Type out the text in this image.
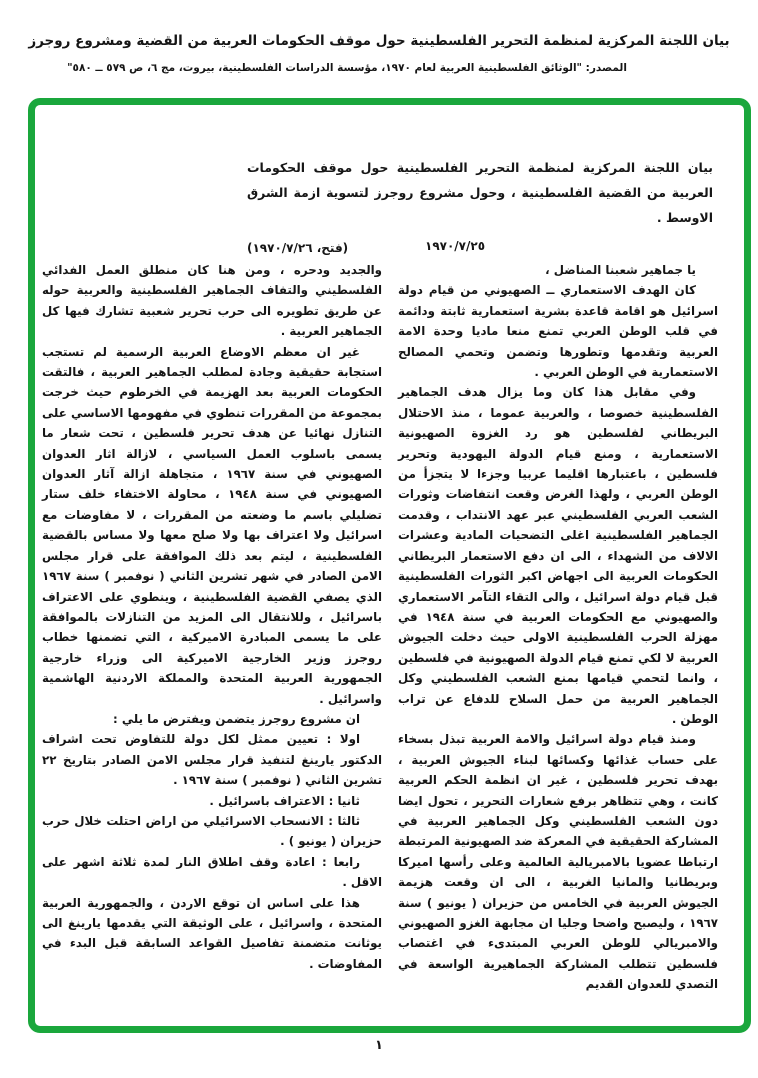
بيان اللجنة المركزية لمنظمة التحرير الفلسطينية حول موقف الحكومات العربية من القضية ومشروع روجرز
المصدر: "الوثائق الفلسطينية العربية لعام ١٩٧٠، مؤسسة الدراسات الفلسطينية، بيروت، مج ٦، ص ٥٧٩ ــ ٥٨٠"
بيان اللجنة المركزية لمنظمة التحرير الفلسطينية حول موقف الحكومات العربية من القضية الفلسطينية ، وحول مشروع روجرز لتسوية ازمة الشرق الاوسط .
١٩٧٠/٧/٢٥
(فتح، ١٩٧٠/٧/٢٦)

يا جماهير شعبنا المناضل ،

كان الهدف الاستعماري ــ الصهيوني من قيام دولة اسرائيل هو اقامة قاعدة بشرية استعمارية ثابتة ودائمة في قلب الوطن العربي تمنع منعا ماديا وحدة الامة العربية وتقدمها وتطورها وتضمن وتحمي المصالح الاستعمارية في الوطن العربي .

وفي مقابل هذا كان وما يزال هدف الجماهير الفلسطينية خصوصا ، والعربية عموما ، منذ الاحتلال البريطاني لفلسطين هو رد الغزوة الصهيونية الاستعمارية ، ومنع قيام الدولة اليهودية وتحرير فلسطين ، باعتبارها اقليما عربيا وجزءا لا يتجزأ من الوطن العربي ، ولهذا الغرض وقعت انتفاضات وثورات الشعب العربي الفلسطيني عبر عهد الانتداب ، وقدمت الجماهير الفلسطينية اغلى التضحيات المادية وعشرات الالاف من الشهداء ، الى ان دفع الاستعمار البريطاني الحكومات العربية الى اجهاض اكبر الثورات الفلسطينية قبل قيام دولة اسرائيل ، والى التقاء التآمر الاستعماري والصهيوني مع الحكومات العربية في سنة ١٩٤٨ في مهزلة الحرب الفلسطينية الاولى حيث دخلت الجيوش العربية لا لكي تمنع قيام الدولة الصهيونية في فلسطين ، وانما لتحمي قيامها بمنع الشعب الفلسطيني وكل الجماهير العربية من حمل السلاح للدفاع عن تراب الوطن .

ومنذ قيام دولة اسرائيل والامة العربية تبذل بسخاء على حساب غذائها وكسائها لبناء الجيوش العربية ، بهدف تحرير فلسطين ، غير ان انظمة الحكم العربية كانت ، وهي تتظاهر برفع شعارات التحرير ، تحول ايضا دون الشعب الفلسطيني وكل الجماهير العربية في المشاركة الحقيقية في المعركة ضد الصهيونية المرتبطة ارتباطا عضويا بالامبريالية العالمية وعلى رأسها اميركا وبريطانيا والمانيا الغربية ، الى ان وقعت هزيمة الجيوش العربية في الخامس من حزيران ( يونيو ) سنة ١٩٦٧ ، وليصبح واضحا وجليا ان مجابهة الغزو الصهيوني والامبريالي للوطن العربي المبتدىء في اغتصاب فلسطين تتطلب المشاركة الجماهيرية الواسعة في التصدي للعدوان القديم

والجديد ودحره ، ومن هنا كان منطلق العمل الفدائي الفلسطيني والتفاف الجماهير الفلسطينية والعربية حوله عن طريق تطويره الى حرب تحرير شعبية تشارك فيها كل الجماهير العربية .

غير ان معظم الاوضاع العربية الرسمية لم تستجب استجابة حقيقية وجادة لمطلب الجماهير العربية ، فالتقت الحكومات العربية بعد الهزيمة في الخرطوم حيث خرجت بمجموعة من المقررات تنطوي في مفهومها الاساسي على التنازل نهائيا عن هدف تحرير فلسطين ، تحت شعار ما يسمى باسلوب العمل السياسي ، لازالة اثار العدوان الصهيوني في سنة ١٩٦٧ ، متجاهلة ازالة آثار العدوان الصهيوني في سنة ١٩٤٨ ، محاولة الاختفاء خلف ستار تضليلي باسم ما وضعته من المقررات ، لا مفاوضات مع اسرائيل ولا اعتراف بها ولا صلح معها ولا مساس بالقضية الفلسطينية ، ليتم بعد ذلك الموافقة على قرار مجلس الامن الصادر في شهر تشرين الثاني ( نوفمبر ) سنة ١٩٦٧ الذي يصفي القضية الفلسطينية ، وينطوي على الاعتراف باسرائيل ، وللانتقال الى المزيد من التنازلات بالموافقة على ما يسمى المبادرة الاميركية ، التي تضمنها خطاب روجرز وزير الخارجية الاميركية الى وزراء خارجية الجمهورية العربية المتحدة والمملكة الاردنية الهاشمية واسرائيل .

ان مشروع روجرز يتضمن ويفترض ما يلي :

اولا : تعيين ممثل لكل دولة للتفاوض تحت اشراف الدكتور يارينغ لتنفيذ قرار مجلس الامن الصادر بتاريخ ٢٢ تشرين الثاني ( نوفمبر ) سنة ١٩٦٧ .

ثانيا : الاعتراف باسرائيل .

ثالثا : الانسحاب الاسرائيلي من اراض احتلت خلال حرب حزيران ( يونيو ) .

رابعا : اعادة وقف اطلاق النار لمدة ثلاثة اشهر على الاقل .

هذا على اساس ان توقع الاردن ، والجمهورية العربية المتحدة ، واسرائيل ، على الوثيقة التي يقدمها يارينغ الى يوثانت متضمنة تفاصيل القواعد السابقة قبل البدء في المفاوضات .

١
